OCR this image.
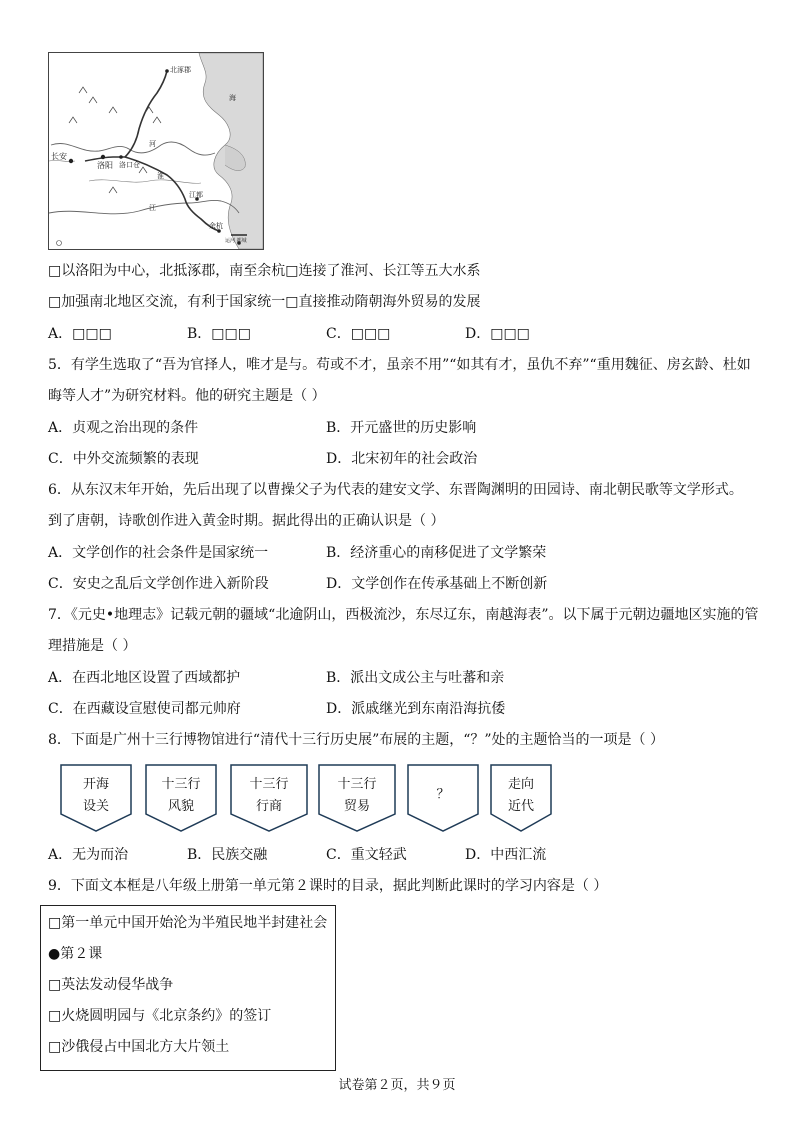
北涿郡
长安
洛阳 洛口仓
江都
余杭
海
河
淮
江
运河 都城
□以洛阳为中心，北抵涿郡，南至余杭□连接了淮河、长江等五大水系
□加强南北地区交流，有利于国家统一□直接推动隋朝海外贸易的发展
A．□□□	B．□□□	C．□□□	D．□□□
5．有学生选取了“吾为官择人，唯才是与。苟或不才，虽亲不用”“如其有才，虽仇不弃”“重用魏征、房玄龄、杜如
晦等人才”为研究材料。他的研究主题是（ ）
A．贞观之治出现的条件	B．开元盛世的历史影响
C．中外交流频繁的表现	D．北宋初年的社会政治
6．从东汉末年开始，先后出现了以曹操父子为代表的建安文学、东晋陶渊明的田园诗、南北朝民歌等文学形式。
到了唐朝，诗歌创作进入黄金时期。据此得出的正确认识是（ ）
A．文学创作的社会条件是国家统一	B．经济重心的南移促进了文学繁荣
C．安史之乱后文学创作进入新阶段	D．文学创作在传承基础上不断创新
7．《元史•地理志》记载元朝的疆域“北逾阴山，西极流沙，东尽辽东，南越海表”。以下属于元朝边疆地区实施的管
理措施是（ ）
A．在西北地区设置了西域都护	B．派出文成公主与吐蕃和亲
C．在西藏设宣慰使司都元帅府	D．派戚继光到东南沿海抗倭
8．下面是广州十三行博物馆进行“清代十三行历史展”布展的主题，“？”处的主题恰当的一项是（ ）
开海
设关
十三行
风貌
十三行
行商
十三行
贸易
？
走向
近代
A．无为而治	B．民族交融	C．重文轻武	D．中西汇流
9．下面文本框是八年级上册第一单元第２课时的目录，据此判断此课时的学习内容是（ ）
□第一单元中国开始沦为半殖民地半封建社会
●第２课
□英法发动侵华战争
□火烧圆明园与《北京条约》的签订
□沙俄侵占中国北方大片领土
试卷第２页，共９页
